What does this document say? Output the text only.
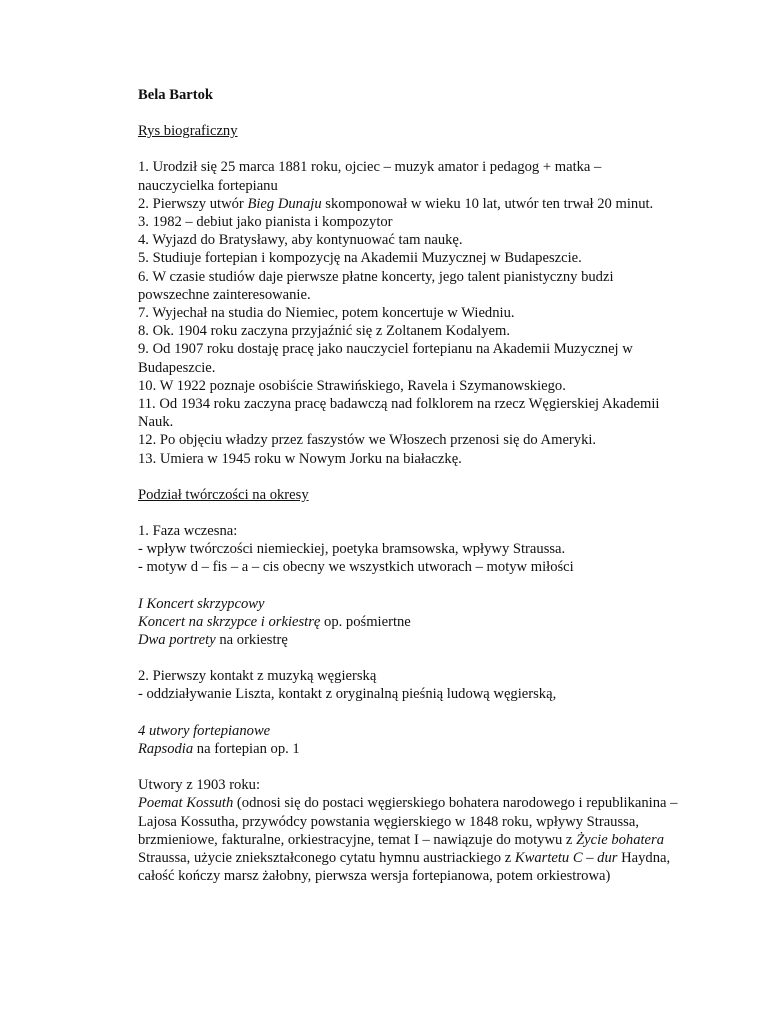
Bela Bartok
Rys biograficzny
1. Urodził się 25 marca 1881 roku, ojciec – muzyk amator i pedagog + matka – nauczycielka fortepianu
2. Pierwszy utwór Bieg Dunaju skomponował w wieku 10 lat, utwór ten trwał 20 minut.
3. 1982 – debiut jako pianista i kompozytor
4. Wyjazd do Bratysławy, aby kontynuować tam naukę.
5. Studiuje fortepian i kompozycję na Akademii Muzycznej w Budapeszcie.
6. W czasie studiów daje pierwsze płatne koncerty, jego talent pianistyczny budzi powszechne zainteresowanie.
7. Wyjechał na studia do Niemiec, potem koncertuje w Wiedniu.
8. Ok. 1904 roku zaczyna przyjaźnić się z Zoltanem Kodalyem.
9. Od 1907 roku dostaję pracę jako nauczyciel fortepianu na Akademii Muzycznej w Budapeszcie.
10. W 1922 poznaje osobiście Strawińskiego, Ravela i Szymanowskiego.
11. Od 1934 roku zaczyna pracę badawczą nad folklorem na rzecz Węgierskiej Akademii Nauk.
12. Po objęciu władzy przez faszystów we Włoszech przenosi się do Ameryki.
13. Umiera w 1945 roku w Nowym Jorku na białaczkę.
Podział twórczości na okresy
1. Faza wczesna:
- wpływ twórczości niemieckiej, poetyka bramsowska, wpływy Straussa.
- motyw d – fis – a – cis obecny we wszystkich utworach – motyw miłości
I Koncert skrzypcowy
Koncert na skrzypce i orkiestrę op. pośmiertne
Dwa portrety na orkiestrę
2. Pierwszy kontakt z muzyką węgierską
- oddziaływanie Liszta, kontakt z oryginalną pieśnią ludową węgierską,
4 utwory fortepianowe
Rapsodia na fortepian op. 1
Utwory z 1903 roku:
Poemat Kossuth (odnosi się do postaci węgierskiego bohatera narodowego i republikanina – Lajosa Kossutha, przywódcy powstania węgierskiego w 1848 roku, wpływy Straussa, brzmieniowe, fakturalne, orkiestracyjne, temat I – nawiązuje do motywu z Życie bohatera Straussa, użycie zniekształconego cytatu hymnu austriackiego z Kwartetu C – dur Haydna, całość kończy marsz żałobny, pierwsza wersja fortepianowa, potem orkiestrowa)
